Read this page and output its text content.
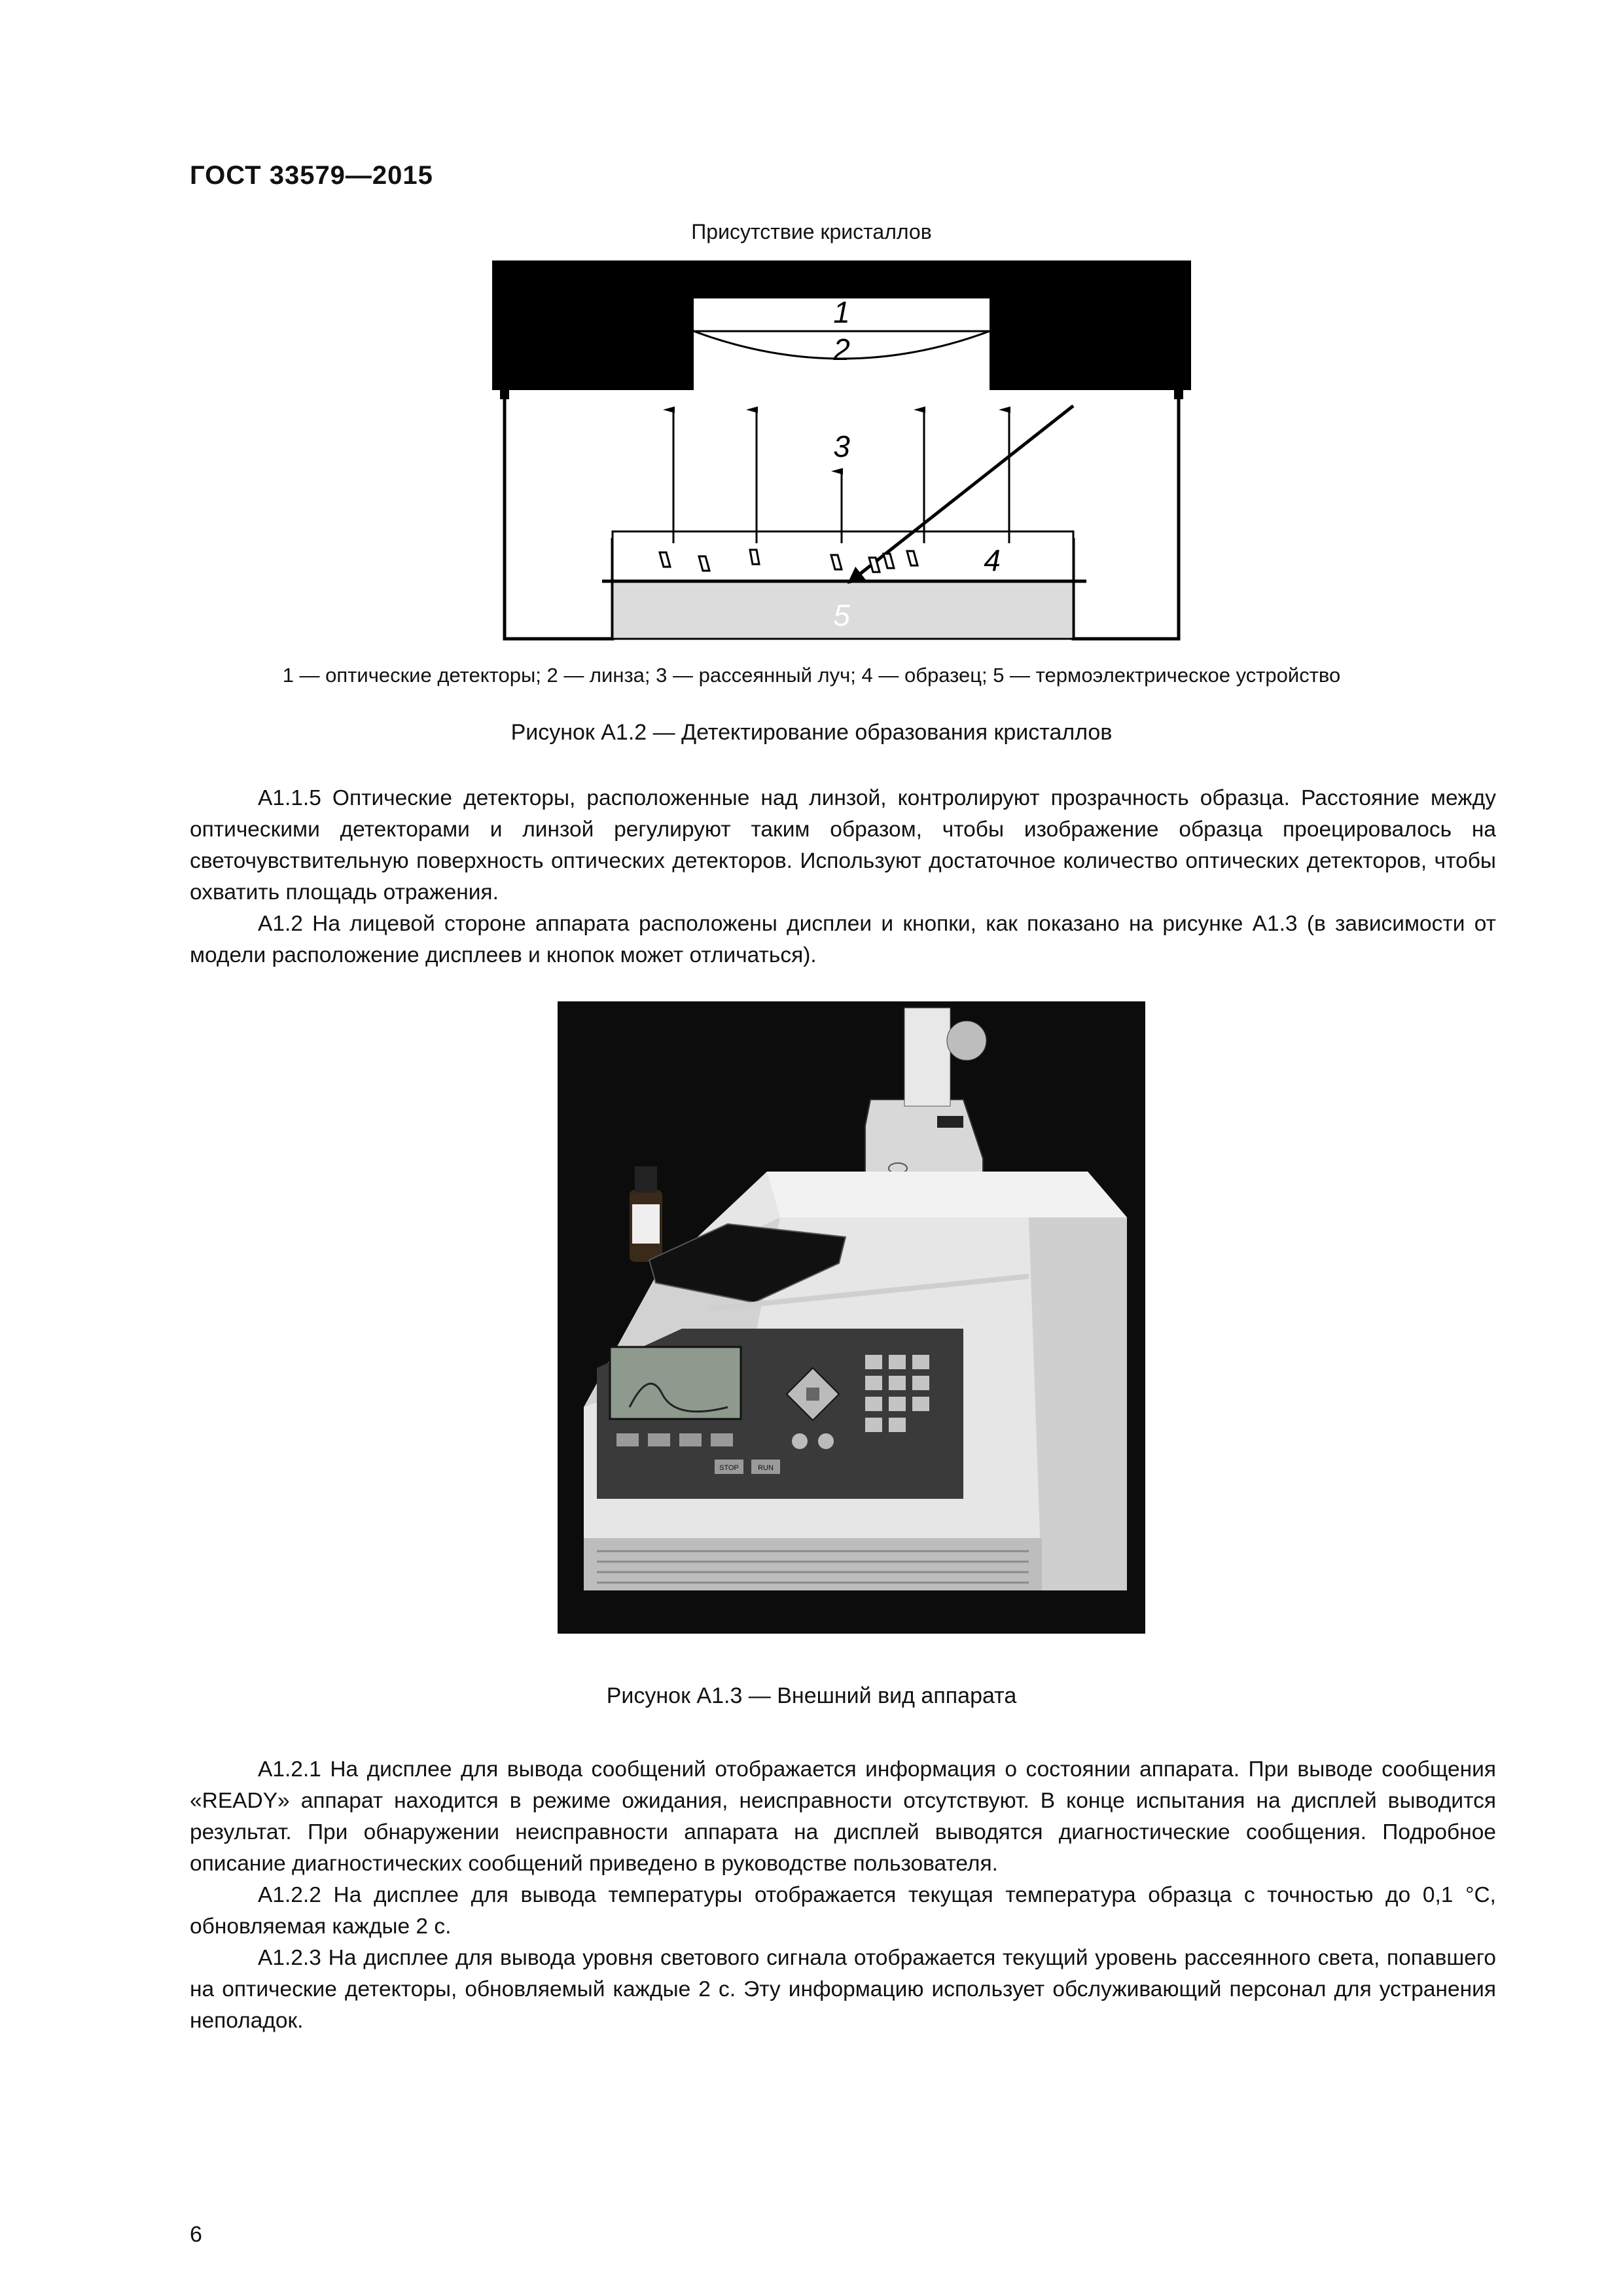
ГОСТ 33579—2015
Присутствие кристаллов
1
2
3
4
5
1 — оптические детекторы; 2 — линза; 3 — рассеянный луч; 4 — образец; 5 — термоэлектрическое устройство
Рисунок А1.2 — Детектирование образования кристаллов

А1.1.5 Оптические детекторы, расположенные над линзой, контролируют прозрачность образца. Расстояние между оптическими детекторами и линзой регулируют таким образом, чтобы изображение образца проецировалось на светочувствительную поверхность оптических детекторов. Используют достаточное количество оптических детекторов, чтобы охватить площадь отражения.

А1.2 На лицевой стороне аппарата расположены дисплеи и кнопки, как показано на рисунке А1.3 (в зависимости от модели расположение дисплеев и кнопок может отличаться).

STOP	RUN
Рисунок А1.3 — Внешний вид аппарата

А1.2.1 На дисплее для вывода сообщений отображается информация о состоянии аппарата. При выводе сообщения «READY» аппарат находится в режиме ожидания, неисправности отсутствуют. В конце испытания на дисплей выводится результат. При обнаружении неисправности аппарата на дисплей выводятся диагностические сообщения. Подробное описание диагностических сообщений приведено в руководстве пользователя.

А1.2.2 На дисплее для вывода температуры отображается текущая температура образца с точностью до 0,1 °С, обновляемая каждые 2 с.

А1.2.3 На дисплее для вывода уровня светового сигнала отображается текущий уровень рассеянного света, попавшего на оптические детекторы, обновляемый каждые 2 с. Эту информацию использует обслуживающий персонал для устранения неполадок.

6
